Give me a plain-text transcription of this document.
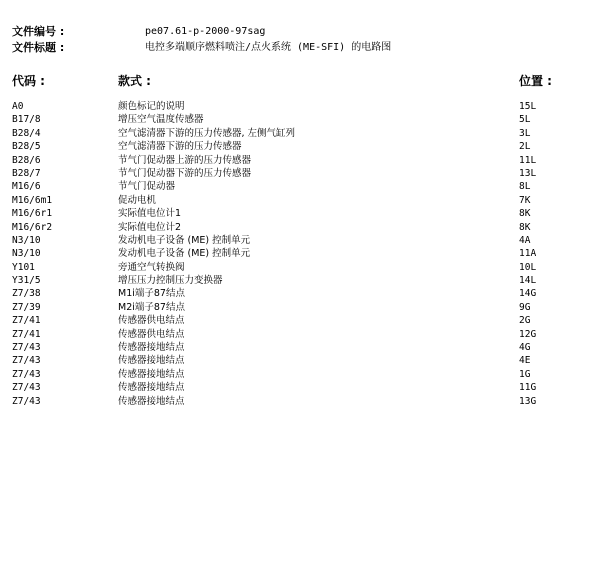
文件编号 :	pe07.61-p-2000-97sag
文件标题 :	电控多端顺序燃料喷注/点火系统 (ME-SFI) 的电路图
代码 :	款式 :	位置 :
A0	颜色标记的说明	15L
B17/8	增压空气温度传感器	5L
B28/4	空气滤清器下游的压力传感器, 左侧气缸列	3L
B28/5	空气滤清器下游的压力传感器	2L
B28/6	节气门促动器上游的压力传感器	11L
B28/7	节气门促动器下游的压力传感器	13L
M16/6	节气门促动器	8L
M16/6m1	促动电机	7K
M16/6r1	实际值电位计1	8K
M16/6r2	实际值电位计2	8K
N3/10	发动机电子设备 (ME) 控制单元	4A
N3/10	发动机电子设备 (ME) 控制单元	11A
Y101	旁通空气转换阀	10L
Y31/5	增压压力控制压力变换器	14L
Z7/38	M1i端子87结点	14G
Z7/39	M2i端子87结点	9G
Z7/41	传感器供电结点	2G
Z7/41	传感器供电结点	12G
Z7/43	传感器接地结点	4G
Z7/43	传感器接地结点	4E
Z7/43	传感器接地结点	1G
Z7/43	传感器接地结点	11G
Z7/43	传感器接地结点	13G
